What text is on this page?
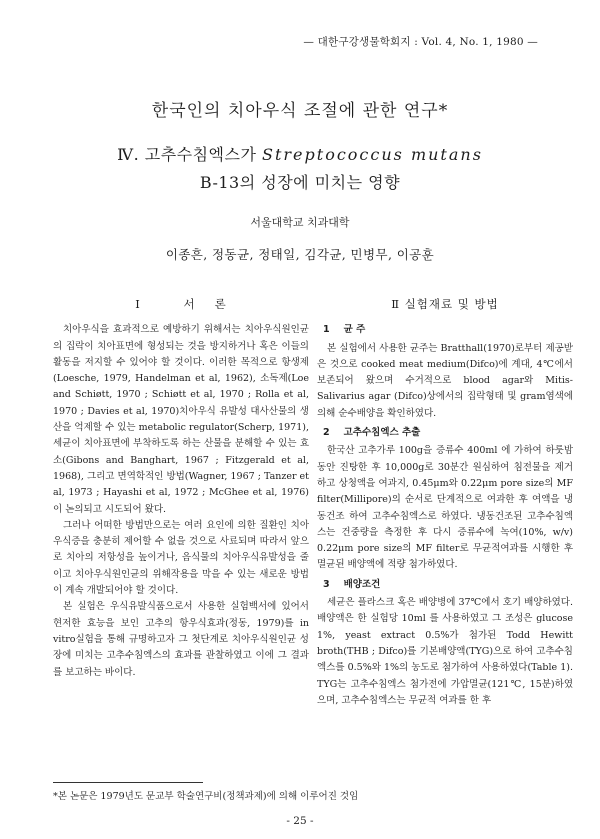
— 대한구강생물학회지 : Vol. 4, No. 1, 1980 —
한국인의 치아우식 조절에 관한 연구*
Ⅳ. 고추수침엑스가 Streptococcus mutans
B-13의 성장에 미치는 영향
서울대학교 치과대학
이종흔, 정동균, 정태일, 김각균, 민병무, 이공훈
Ⅰ 서론

치아우식을 효과적으로 예방하기 위해서는 치아우식원인균의 집락이 치아표면에 형성되는 것을 방지하거나 혹은 이들의 활동을 저지할 수 있어야 할 것이다. 이러한 목적으로 항생제(Loesche, 1979, Handelman et al, 1962), 소독제(Loe and Schiøtt, 1970 ; Schiøtt et al, 1970 ; Rolla et al, 1970 ; Davies et al, 1970)치아우식 유발성 대사산물의 생산을 억제할 수 있는 metabolic regulator(Scherp, 1971), 세균이 치아표면에 부착하도록 하는 산물을 분해할 수 있는 효소(Gibons and Banghart, 1967 ; Fitzgerald et al, 1968), 그리고 면역학적인 방법(Wagner, 1967 ; Tanzer et al, 1973 ; Hayashi et al, 1972 ; McGhee et al, 1976) 이 논의되고 시도되어 왔다.

그러나 어떠한 방법만으로는 여러 요인에 의한 질환인 치아우식증을 충분히 제어할 수 없을 것으로 사료되며 따라서 앞으로 치아의 저항성을 높이거나, 음식물의 치아우식유발성을 줄이고 치아우식원인균의 위해작용을 막을 수 있는 새로운 방법이 계속 개발되어야 할 것이다.

본 실험은 우식유발식품으로서 사용한 실험백서에 있어서 현저한 효능을 보인 고추의 항우식효과(정동, 1979)를 in vitro실험을 통해 규명하고자 그 첫단계로 치아우식원인균 성장에 미치는 고추수침엑스의 효과를 관찰하였고 이에 그 결과를 보고하는 바이다.

Ⅱ 실험재료 및 방법
1균 주

본 실험에서 사용한 균주는 Bratthall(1970)로부터 제공받은 것으로 cooked meat medium(Difco)에 계대, 4℃에서 보존되어 왔으며 수거적으로 blood agar와 Mitis-Salivarius agar (Difco)상에서의 집락형태 및 gram염색에 의해 순수배양을 확인하였다.

2고추수침엑스 추출

한국산 고추가루 100g을 증류수 400ml 에 가하여 하룻밤동안 진탕한 후 10,000g로 30분간 원심하여 침전물을 제거하고 상청액을 여과지, 0.45μm와 0.22μm pore size의 MF filter(Millipore)의 순서로 단계적으로 여과한 후 여액을 냉동건조 하여 고추수침엑스로 하였다. 냉동건조된 고추수침엑스는 건중량을 측정한 후 다시 증류수에 녹여(10%, w/v) 0.22μm pore size의 MF filter로 무균적여과를 시행한 후 멸균된 배양액에 적량 첨가하였다.

3배양조건

세균은 플라스크 혹은 배양병에 37℃에서 호기 배양하였다. 배양액은 한 실험당 10ml 를 사용하였고 그 조성은 glucose 1%, yeast extract 0.5%가 첨가된 Todd Hewitt broth(THB ; Difco)를 기본배양액(TYG)으로 하여 고추수침엑스를 0.5%와 1%의 농도로 첨가하여 사용하였다(Table 1). TYG는 고추수침엑스 첨가전에 가압멸균(121℃, 15분)하였으며, 고추수침엑스는 무균적 여과를 한 후

*본 논문은 1979년도 문교부 학술연구비(정책과제)에 의해 이루어진 것임
- 25 -
